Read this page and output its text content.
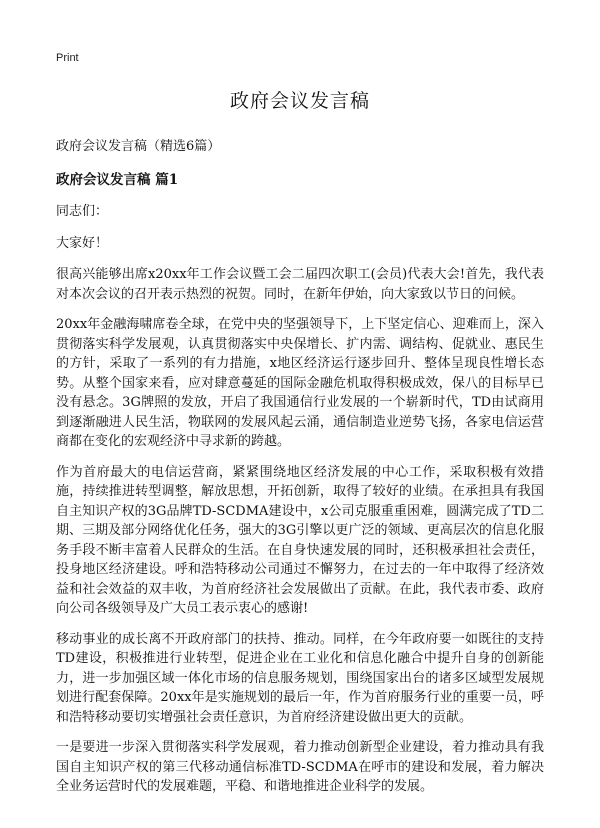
Print
政府会议发言稿

政府会议发言稿（精选6篇）

政府会议发言稿 篇1

同志们：

大家好！

很高兴能够出席x20xx年工作会议暨工会二届四次职工(会员)代表大会!首先，我代表对本次会议的召开表示热烈的祝贺。同时，在新年伊始，向大家致以节日的问候。

20xx年金融海啸席卷全球，在党中央的坚强领导下，上下坚定信心、迎难而上，深入贯彻落实科学发展观，认真贯彻落实中央保增长、扩内需、调结构、促就业、惠民生的方针，采取了一系列的有力措施，x地区经济运行逐步回升、整体呈现良性增长态势。从整个国家来看，应对肆意蔓延的国际金融危机取得积极成效，保八的目标早已没有悬念。3G牌照的发放，开启了我国通信行业发展的一个崭新时代，TD由试商用到逐渐融进人民生活，物联网的发展风起云涌，通信制造业逆势飞扬，各家电信运营商都在变化的宏观经济中寻求新的跨越。

作为首府最大的电信运营商，紧紧围绕地区经济发展的中心工作，采取积极有效措施，持续推进转型调整，解放思想，开拓创新，取得了较好的业绩。在承担具有我国自主知识产权的3G品牌TD-SCDMA建设中，x公司克服重重困难，圆满完成了TD二期、三期及部分网络优化任务，强大的3G引擎以更广泛的领域、更高层次的信息化服务手段不断丰富着人民群众的生活。在自身快速发展的同时，还积极承担社会责任，投身地区经济建设。呼和浩特移动公司通过不懈努力，在过去的一年中取得了经济效益和社会效益的双丰收，为首府经济社会发展做出了贡献。在此，我代表市委、政府向公司各级领导及广大员工表示衷心的感谢!

移动事业的成长离不开政府部门的扶持、推动。同样，在今年政府要一如既往的支持TD建设，积极推进行业转型，促进企业在工业化和信息化融合中提升自身的创新能力，进一步加强区域一体化市场的信息服务规划，围绕国家出台的诸多区域型发展规划进行配套保障。20xx年是实施规划的最后一年，作为首府服务行业的重要一员，呼和浩特移动要切实增强社会责任意识，为首府经济建设做出更大的贡献。

一是要进一步深入贯彻落实科学发展观，着力推动创新型企业建设，着力推动具有我国自主知识产权的第三代移动通信标准TD-SCDMA在呼市的建设和发展，着力解决全业务运营时代的发展难题，平稳、和谐地推进企业科学的发展。
